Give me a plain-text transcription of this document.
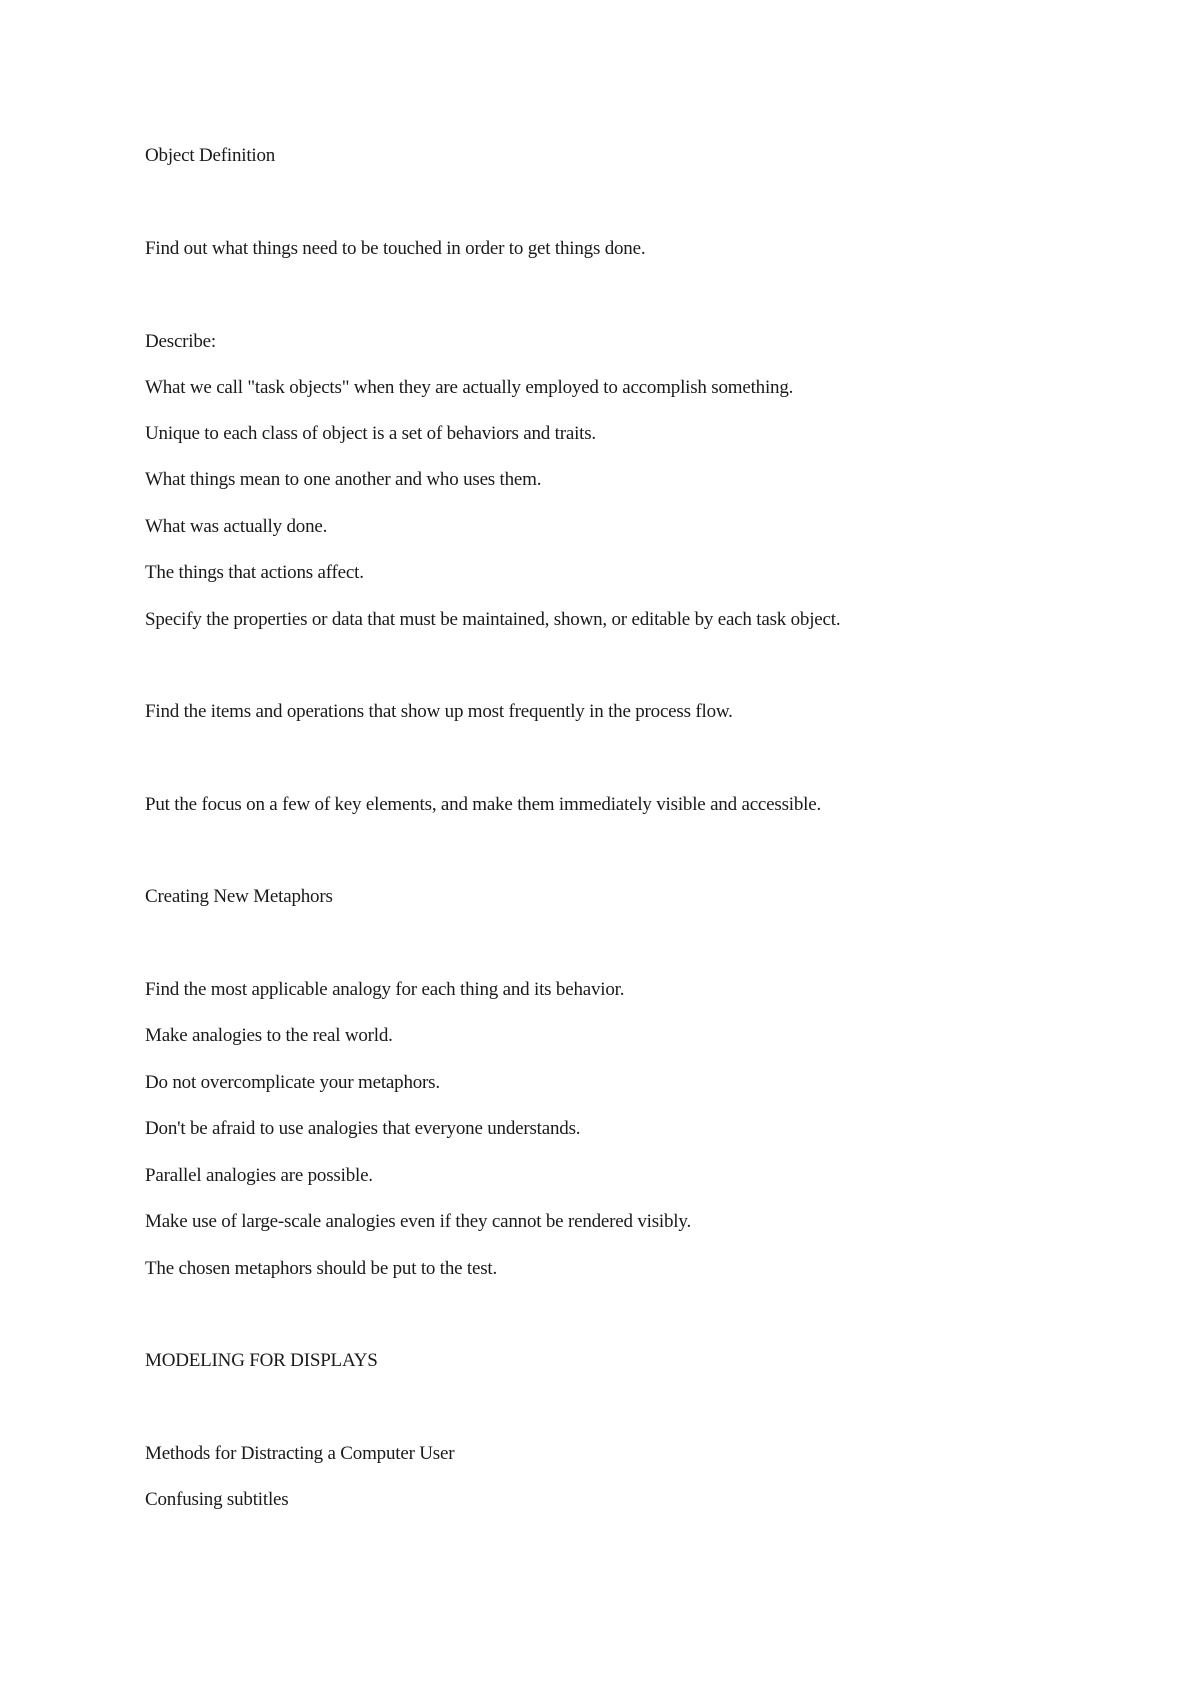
Object Definition
Find out what things need to be touched in order to get things done.
Describe:
What we call "task objects" when they are actually employed to accomplish something.
Unique to each class of object is a set of behaviors and traits.
What things mean to one another and who uses them.
What was actually done.
The things that actions affect.
Specify the properties or data that must be maintained, shown, or editable by each task object.
Find the items and operations that show up most frequently in the process flow.
Put the focus on a few of key elements, and make them immediately visible and accessible.
Creating New Metaphors
Find the most applicable analogy for each thing and its behavior.
Make analogies to the real world.
Do not overcomplicate your metaphors.
Don't be afraid to use analogies that everyone understands.
Parallel analogies are possible.
Make use of large-scale analogies even if they cannot be rendered visibly.
The chosen metaphors should be put to the test.
MODELING FOR DISPLAYS
Methods for Distracting a Computer User
Confusing subtitles
